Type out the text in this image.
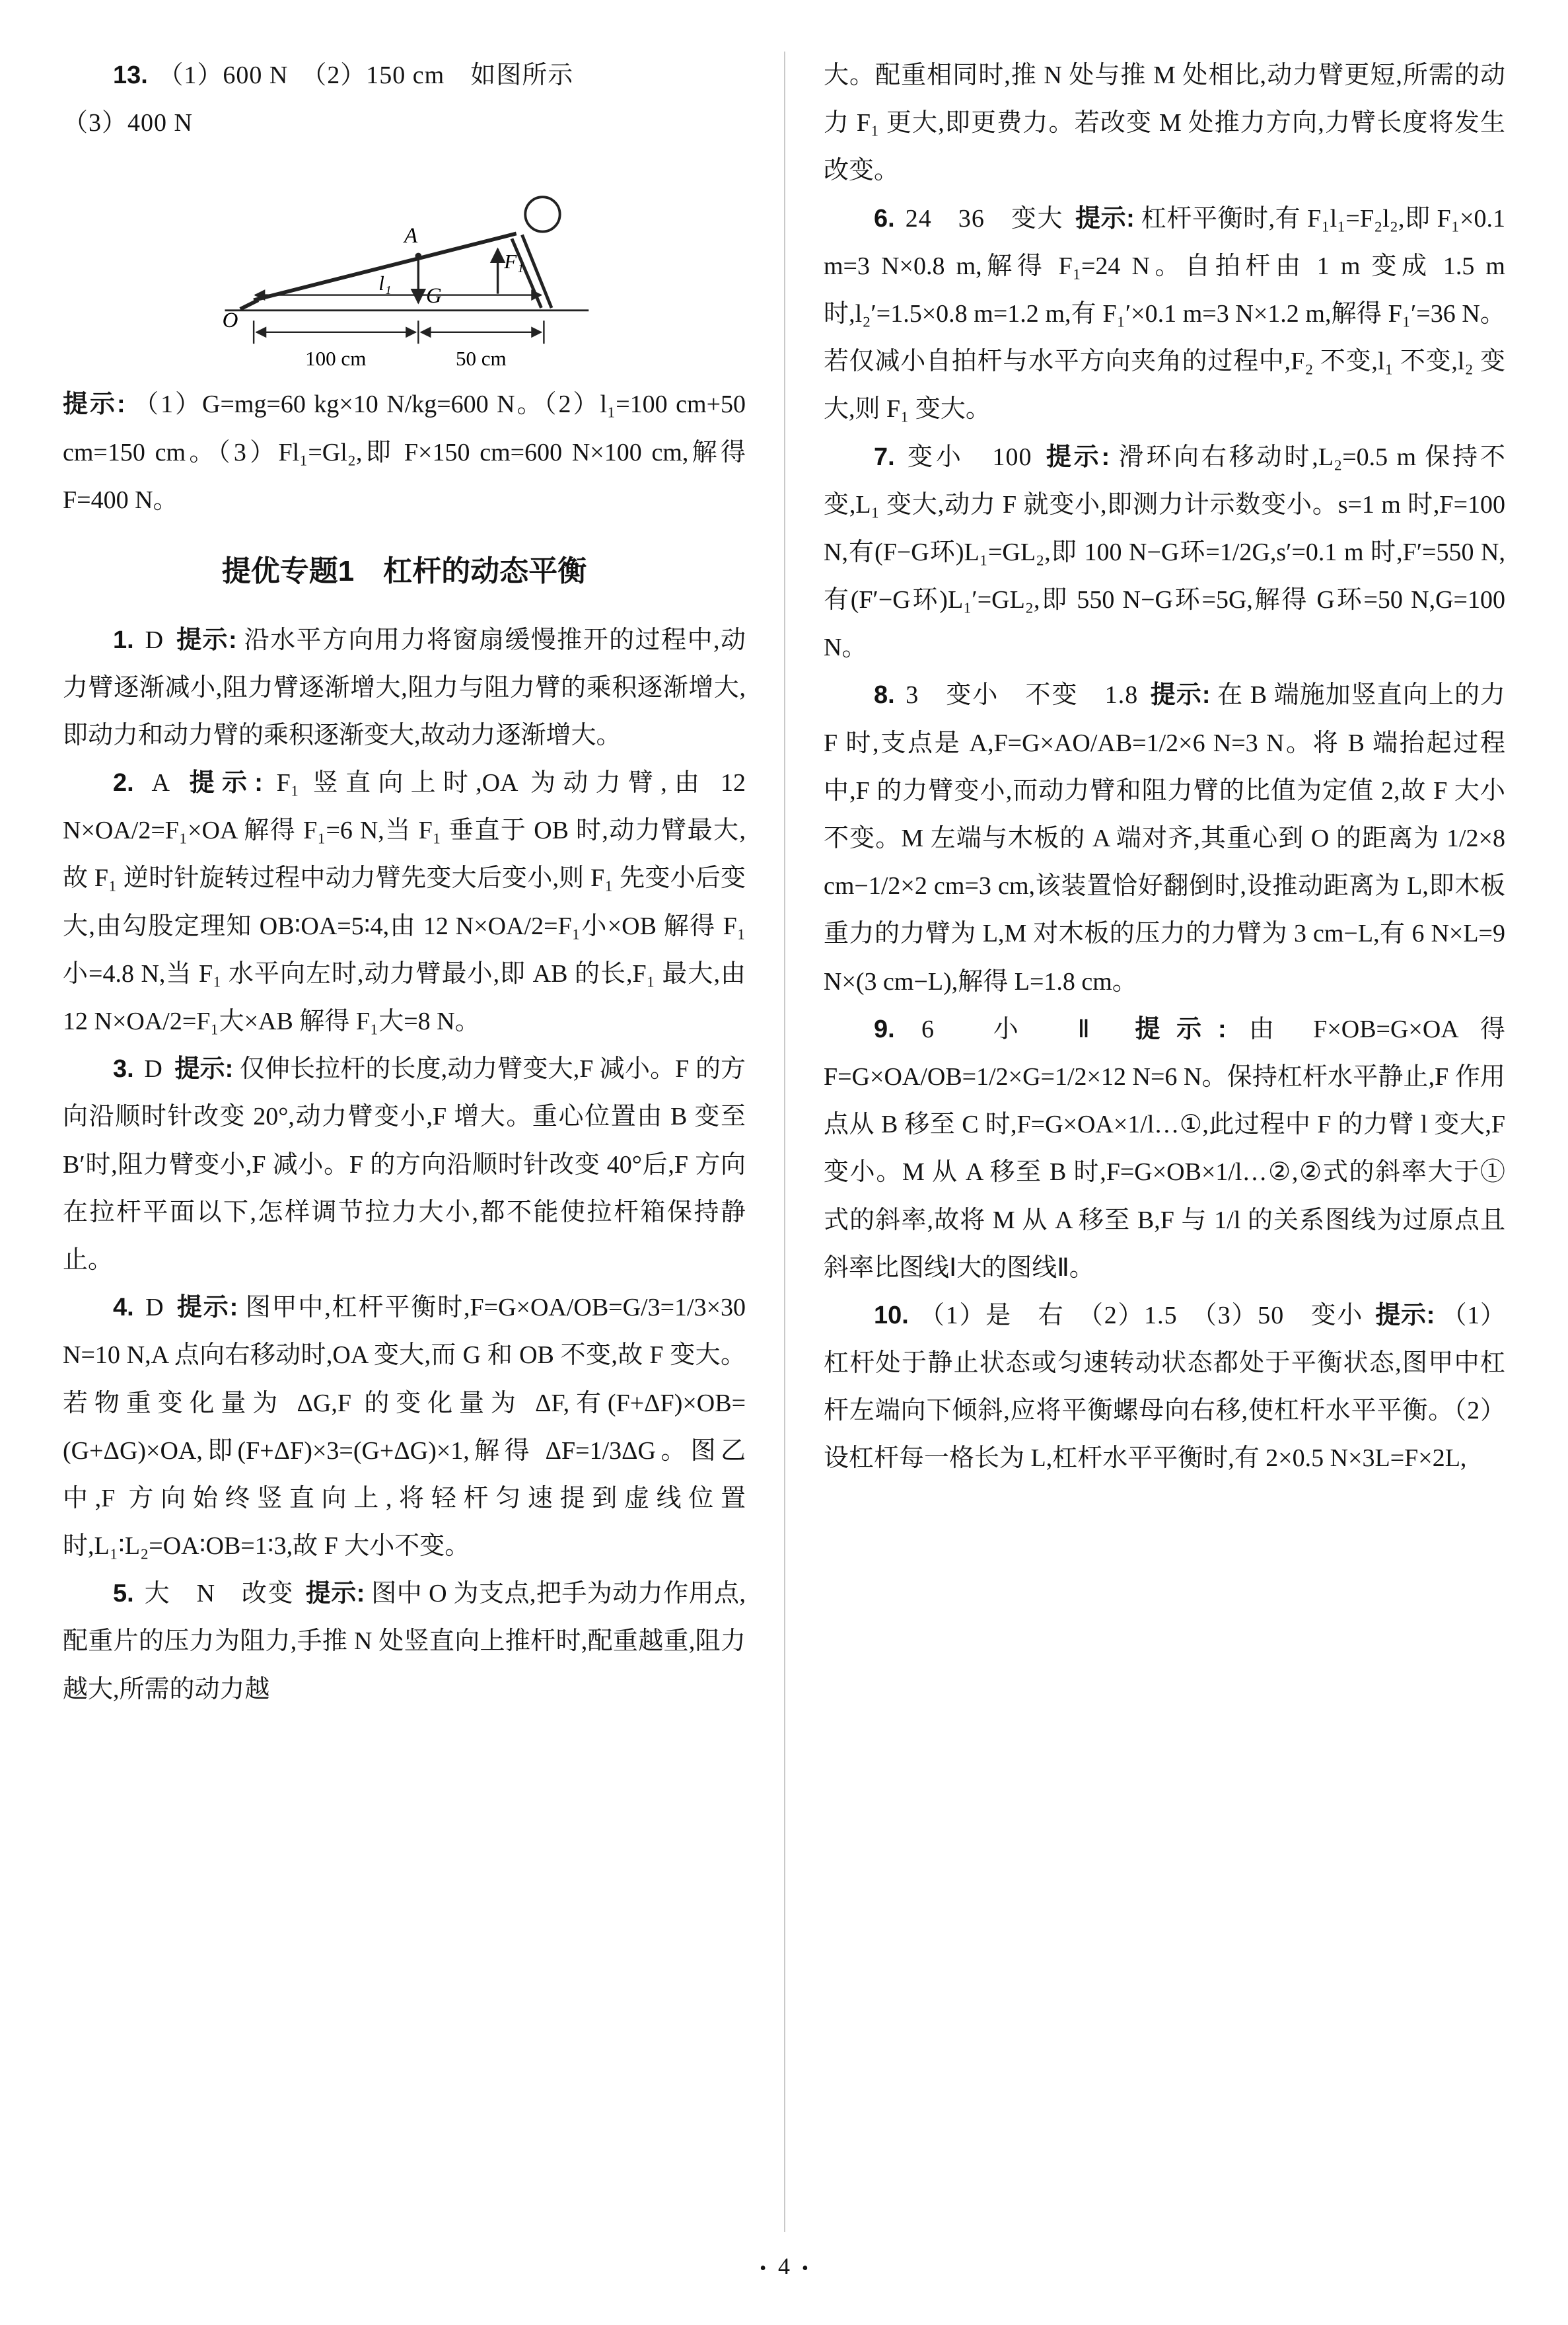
13. （1）600 N　（2）150 cm　如图所示
（3）400 N

A
G
F₁
l₁
O
100 cm	50 cm

提示: （1）G=mg=60 kg×10 N/kg=600 N。（2）l₁=100 cm+50 cm=150 cm。（3）Fl₁=Gl₂,即 F×150 cm=600 N×100 cm,解得 F=400 N。

提优专题1　杠杆的动态平衡

1. D 提示: 沿水平方向用力将窗扇缓慢推开的过程中,动力臂逐渐减小,阻力臂逐渐增大,阻力与阻力臂的乘积逐渐增大,即动力和动力臂的乘积逐渐变大,故动力逐渐增大。

2. A 提示: F₁ 竖直向上时,OA 为动力臂,由 12 N×OA/2=F₁×OA 解得 F₁=6 N,当 F₁ 垂直于 OB 时,动力臂最大,故 F₁ 逆时针旋转过程中动力臂先变大后变小,则 F₁ 先变小后变大,由勾股定理知 OB∶OA=5∶4,由 12 N×OA/2=F₁小×OB 解得 F₁小=4.8 N,当 F₁ 水平向左时,动力臂最小,即 AB 的长,F₁ 最大,由 12 N×OA/2=F₁大×AB 解得 F₁大=8 N。

3. D 提示: 仅伸长拉杆的长度,动力臂变大,F 减小。F 的方向沿顺时针改变 20°,动力臂变小,F 增大。重心位置由 B 变至 B′时,阻力臂变小,F 减小。F 的方向沿顺时针改变 40°后,F 方向在拉杆平面以下,怎样调节拉力大小,都不能使拉杆箱保持静止。

4. D 提示: 图甲中,杠杆平衡时,F=G×OA/OB=G/3=1/3×30 N=10 N,A 点向右移动时,OA 变大,而 G 和 OB 不变,故 F 变大。若物重变化量为 ΔG,F 的变化量为 ΔF,有(F+ΔF)×OB=(G+ΔG)×OA,即(F+ΔF)×3=(G+ΔG)×1,解得 ΔF=1/3ΔG。图乙中,F 方向始终竖直向上,将轻杆匀速提到虚线位置时,L₁∶L₂=OA∶OB=1∶3,故 F 大小不变。

5. 大　N　改变 提示: 图中 O 为支点,把手为动力作用点,配重片的压力为阻力,手推 N 处竖直向上推杆时,配重越重,阻力越大,所需的动力越

大。配重相同时,推 N 处与推 M 处相比,动力臂更短,所需的动力 F₁ 更大,即更费力。若改变 M 处推力方向,力臂长度将发生改变。

6. 24　36　变大 提示: 杠杆平衡时,有 F₁l₁=F₂l₂,即 F₁×0.1 m=3 N×0.8 m,解得 F₁=24 N。自拍杆由 1 m 变成 1.5 m 时,l₂′=1.5×0.8 m=1.2 m,有 F₁′×0.1 m=3 N×1.2 m,解得 F₁′=36 N。若仅减小自拍杆与水平方向夹角的过程中,F₂ 不变,l₁ 不变,l₂ 变大,则 F₁ 变大。

7. 变小　100 提示: 滑环向右移动时,L₂=0.5 m 保持不变,L₁ 变大,动力 F 就变小,即测力计示数变小。s=1 m 时,F=100 N,有(F−G环)L₁=GL₂,即 100 N−G环=1/2G,s′=0.1 m 时,F′=550 N,有(F′−G环)L₁′=GL₂,即 550 N−G环=5G,解得 G环=50 N,G=100 N。

8. 3　变小　不变　1.8 提示: 在 B 端施加竖直向上的力 F 时,支点是 A,F=G×AO/AB=1/2×6 N=3 N。将 B 端抬起过程中,F 的力臂变小,而动力臂和阻力臂的比值为定值 2,故 F 大小不变。M 左端与木板的 A 端对齐,其重心到 O 的距离为 1/2×8 cm−1/2×2 cm=3 cm,该装置恰好翻倒时,设推动距离为 L,即木板重力的力臂为 L,M 对木板的压力的力臂为 3 cm−L,有 6 N×L=9 N×(3 cm−L),解得 L=1.8 cm。

9. 6　小　Ⅱ 提示: 由 F×OB=G×OA 得 F=G×OA/OB=1/2×G=1/2×12 N=6 N。保持杠杆水平静止,F 作用点从 B 移至 C 时,F=G×OA×1/l…①,此过程中 F 的力臂 l 变大,F 变小。M 从 A 移至 B 时,F=G×OB×1/l…②,②式的斜率大于①式的斜率,故将 M 从 A 移至 B,F 与 1/l 的关系图线为过原点且斜率比图线Ⅰ大的图线Ⅱ。

10. （1）是　右　（2）1.5　（3）50　变小 提示: （1）杠杆处于静止状态或匀速转动状态都处于平衡状态,图甲中杠杆左端向下倾斜,应将平衡螺母向右移,使杠杆水平平衡。（2）设杠杆每一格长为 L,杠杆水平平衡时,有 2×0.5 N×3L=F×2L,

• 4 •
